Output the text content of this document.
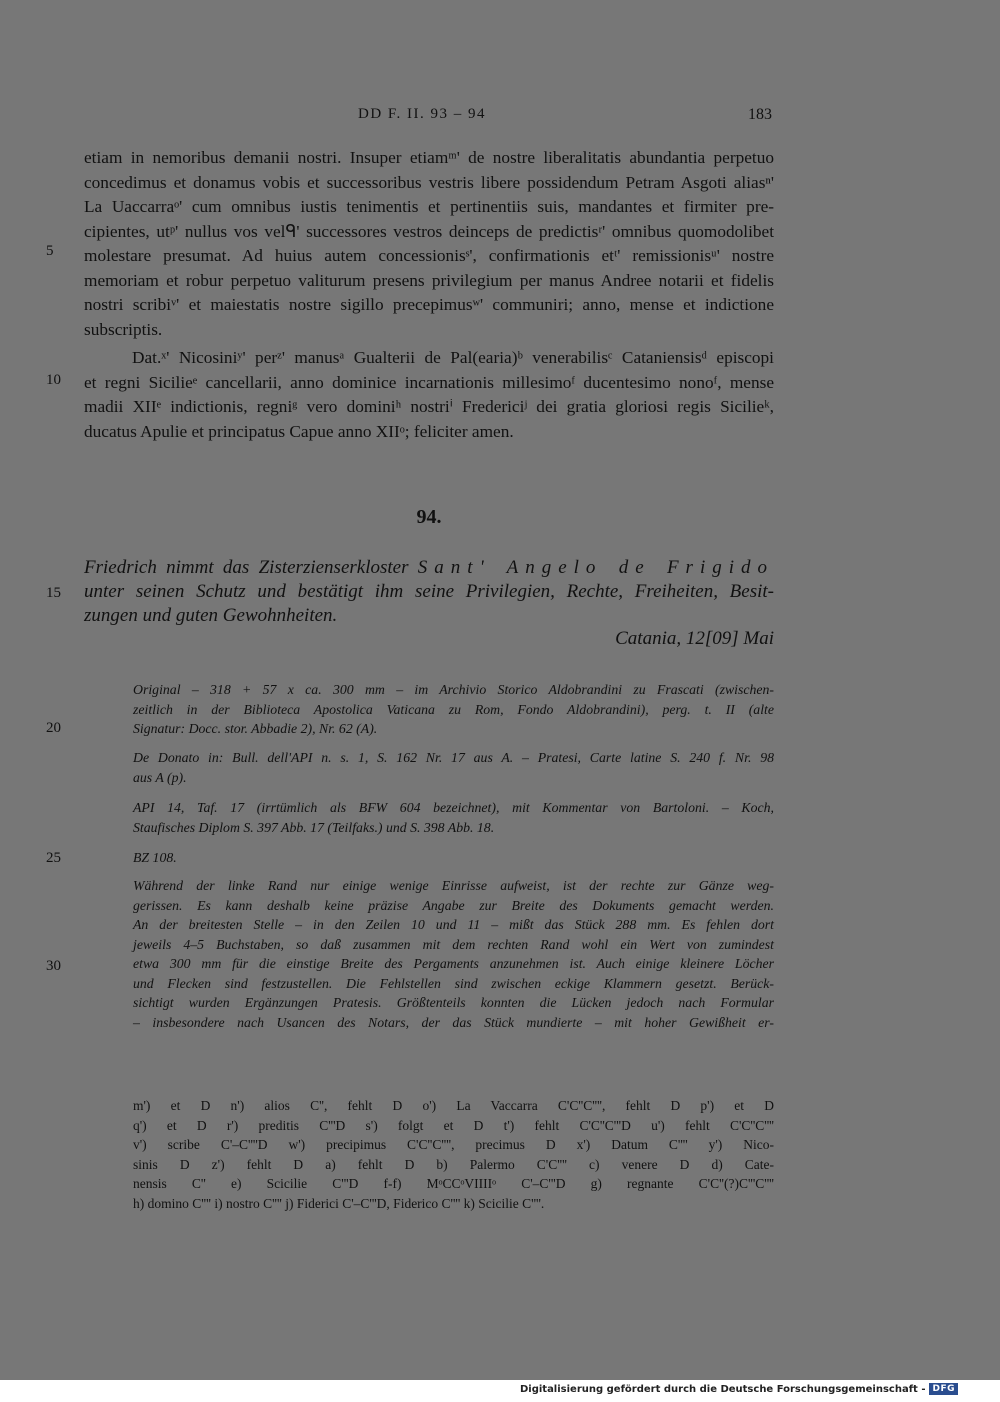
DD F. II. 93 – 94	183
etiam in nemoribus demanii nostri. Insuper etiamᵐ' de nostre liberalitatis abundantia perpetuo
concedimus et donamus vobis et successoribus vestris libere possidendum Petram Asgoti aliasⁿ'
La Uaccarraᵒ' cum omnibus iustis tenimentis et pertinentiis suis, mandantes et firmiter pre-
cipientes, utᵖ' nullus vos velᑫ' successores vestros deinceps de predictisʳ' omnibus quomodolibet
molestare presumat. Ad huius autem concessionisˢ', confirmationis etᵗ' remissionisᵘ' nostre
memoriam et robur perpetuo valiturum presens privilegium per manus Andree notarii et fidelis
nostri scribiᵛ' et maiestatis nostre sigillo precepimusʷ' communiri; anno, mense et indictione
subscriptis.
Dat.ˣ' Nicosiniʸ' perᶻ' manusᵃ Gualterii de Pal(earia)ᵇ venerabilisᶜ Cataniensisᵈ episcopi
et regni Sicilieᵉ cancellarii, anno dominice incarnationis millesimoᶠ ducentesimo nonoᶠ, mense
madii XIIᵉ indictionis, regniᵍ vero dominiʰ nostriⁱ Fredericiʲ dei gratia gloriosi regis Sicilieᵏ,
ducatus Apulie et principatus Capue anno XIIᵒ; feliciter amen.
5
10
15
20
25
30
94.
Friedrich nimmt das Zisterzienserkloster Sant' Angelo de Frigido
unter seinen Schutz und bestätigt ihm seine Privilegien, Rechte, Freiheiten, Besit-
zungen und guten Gewohnheiten.
Catania, 12[09] Mai
Original – 318 + 57 x ca. 300 mm – im Archivio Storico Aldobrandini zu Frascati (zwischen-
zeitlich in der Biblioteca Apostolica Vaticana zu Rom, Fondo Aldobrandini), perg. t. II (alte
Signatur: Docc. stor. Abbadie 2), Nr. 62 (A).
De Donato in: Bull. dell'API n. s. 1, S. 162 Nr. 17 aus A. – Pratesi, Carte latine S. 240 f. Nr. 98
aus A (p).
API 14, Taf. 17 (irrtümlich als BFW 604 bezeichnet), mit Kommentar von Bartoloni. – Koch,
Staufisches Diplom S. 397 Abb. 17 (Teilfaks.) und S. 398 Abb. 18.
BZ 108.
Während der linke Rand nur einige wenige Einrisse aufweist, ist der rechte zur Gänze weg-
gerissen. Es kann deshalb keine präzise Angabe zur Breite des Dokuments gemacht werden.
An der breitesten Stelle – in den Zeilen 10 und 11 – mißt das Stück 288 mm. Es fehlen dort
jeweils 4–5 Buchstaben, so daß zusammen mit dem rechten Rand wohl ein Wert von zumindest
etwa 300 mm für die einstige Breite des Pergaments anzunehmen ist. Auch einige kleinere Löcher
und Flecken sind festzustellen. Die Fehlstellen sind zwischen eckige Klammern gesetzt. Berück-
sichtigt wurden Ergänzungen Pratesis. Größtenteils konnten die Lücken jedoch nach Formular
– insbesondere nach Usancen des Notars, der das Stück mundierte – mit hoher Gewißheit er-
m') et D n') alios C'', fehlt D o') La Vaccarra C'C''C'''', fehlt D p') et D
q') et D r') preditis C'''D s') folgt et D t') fehlt C'C''C'''D u') fehlt C'C''C''''
v') scribe C'–C''''D w') precipimus C'C''C'''', precimus D x') Datum C'''' y') Nico-
sinis D z') fehlt D a) fehlt D b) Palermo C'C'''' c) venere D d) Cate-
nensis C'' e) Scicilie C'''D f-f) MᵒCCᵒVIIIIᵒ C'–C'''D g) regnante C'C''(?)C'''C''''
h) domino C'''' i) nostro C'''' j) Fiderici C'–C'''D, Fiderico C'''' k) Scicilie C''''.
Digitalisierung gefördert durch die Deutsche Forschungsgemeinschaft - DFG
